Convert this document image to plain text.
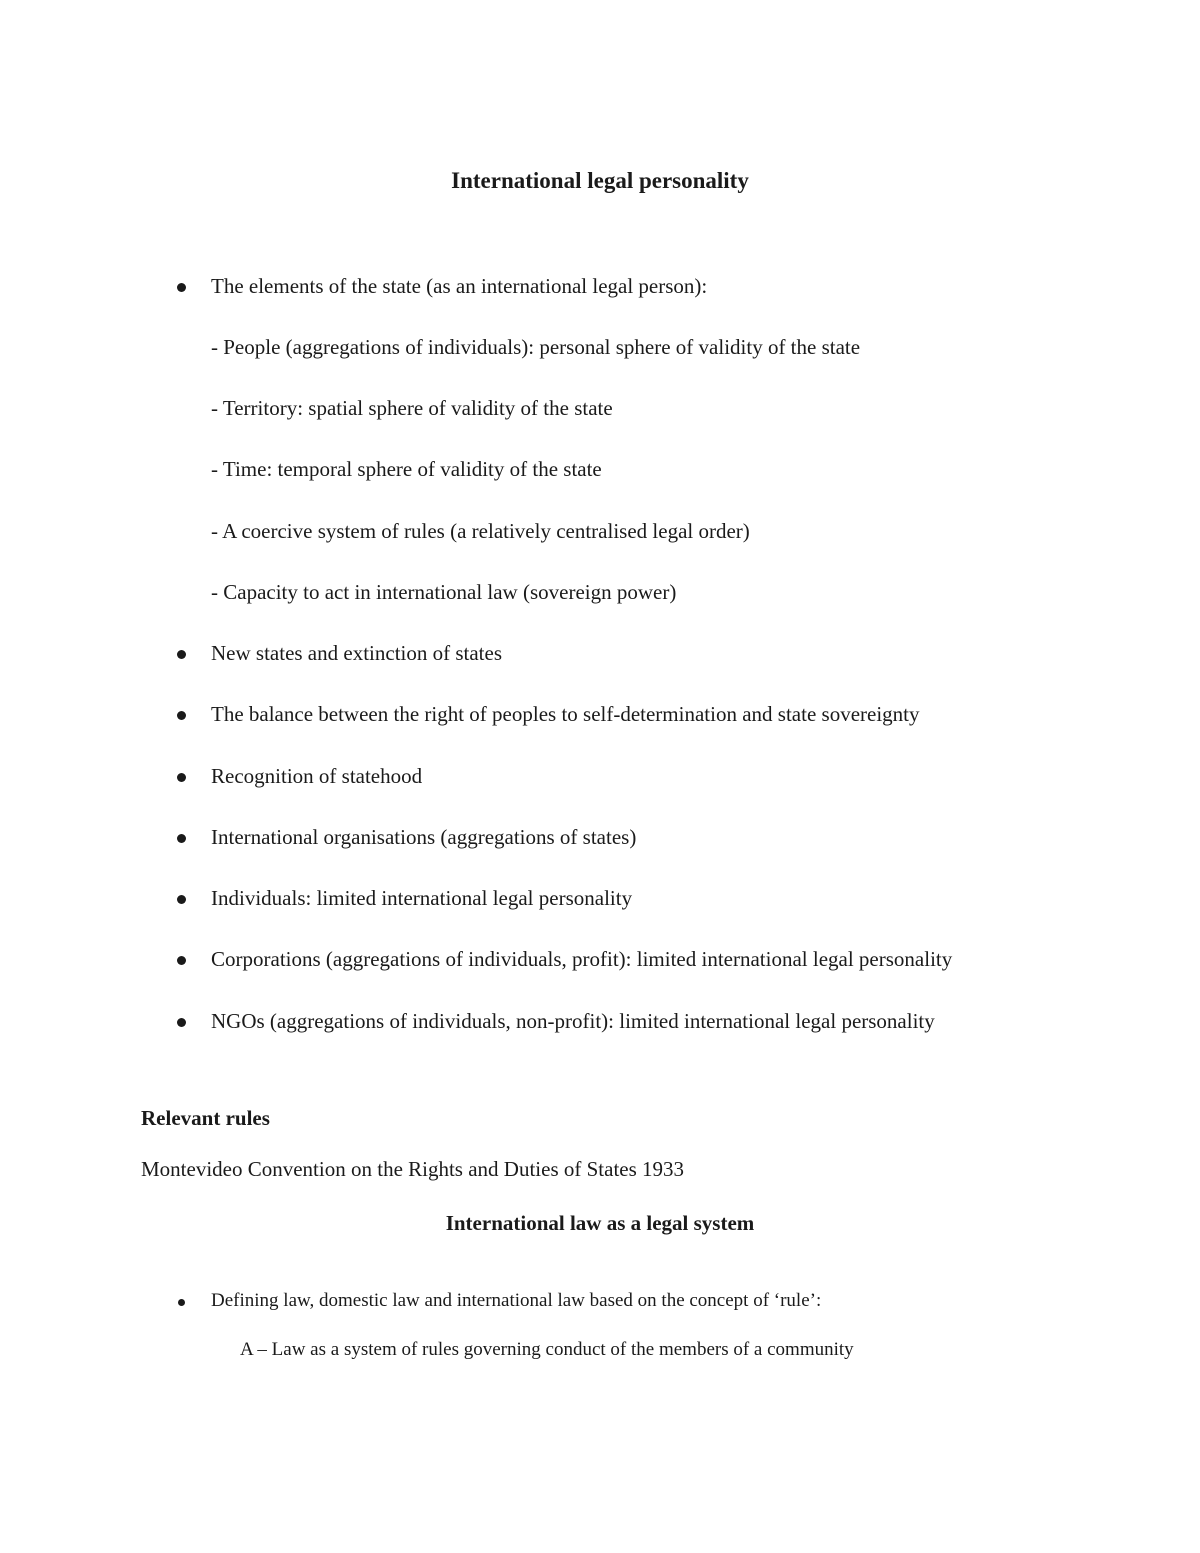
International legal personality

The elements of the state (as an international legal person):

- People (aggregations of individuals): personal sphere of validity of the state

- Territory: spatial sphere of validity of the state

- Time: temporal sphere of validity of the state

- A coercive system of rules (a relatively centralised legal order)

- Capacity to act in international law (sovereign power)

New states and extinction of states

The balance between the right of peoples to self-determination and state sovereignty

Recognition of statehood

International organisations (aggregations of states)

Individuals: limited international legal personality

Corporations (aggregations of individuals, profit): limited international legal personality

NGOs (aggregations of individuals, non-profit): limited international legal personality

Relevant rules

Montevideo Convention on the Rights and Duties of States 1933

International law as a legal system

Defining law, domestic law and international law based on the concept of ‘rule’:

A – Law as a system of rules governing conduct of the members of a community
